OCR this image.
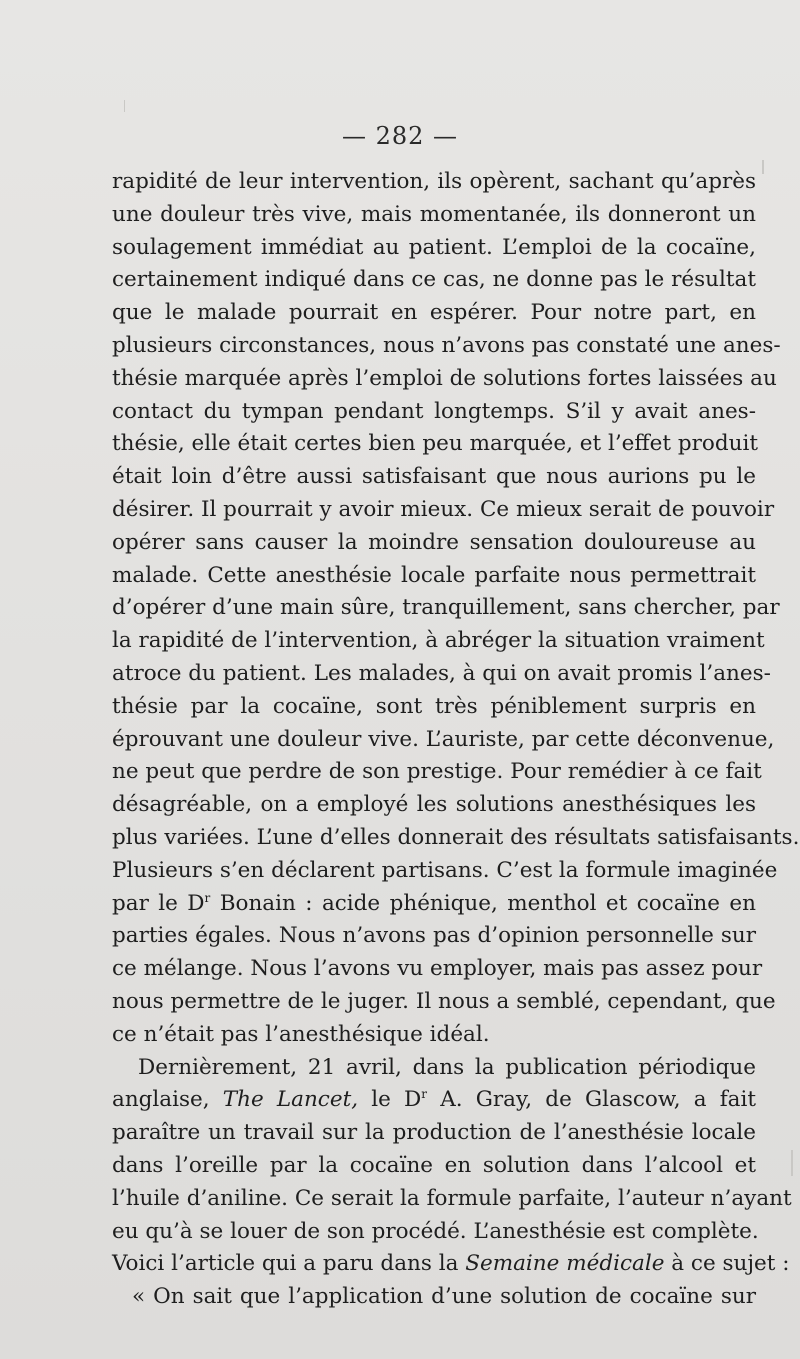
— 282 —
rapidité de leur intervention, ils opèrent, sachant qu’après
une douleur très vive, mais momentanée, ils donneront un
soulagement immédiat au patient. L’emploi de la cocaïne,
certainement indiqué dans ce cas, ne donne pas le résultat
que le malade pourrait en espérer. Pour notre part, en
plusieurs circonstances, nous n’avons pas constaté une anes-
thésie marquée après l’emploi de solutions fortes laissées au
contact du tympan pendant longtemps. S’il y avait anes-
thésie, elle était certes bien peu marquée, et l’effet produit
était loin d’être aussi satisfaisant que nous aurions pu le
désirer. Il pourrait y avoir mieux. Ce mieux serait de pouvoir
opérer sans causer la moindre sensation douloureuse au
malade. Cette anesthésie locale parfaite nous permettrait
d’opérer d’une main sûre, tranquillement, sans chercher, par
la rapidité de l’intervention, à abréger la situation vraiment
atroce du patient. Les malades, à qui on avait promis l’anes-
thésie par la cocaïne, sont très péniblement surpris en
éprouvant une douleur vive. L’auriste, par cette déconvenue,
ne peut que perdre de son prestige. Pour remédier à ce fait
désagréable, on a employé les solutions anesthésiques les
plus variées. L’une d’elles donnerait des résultats satisfaisants.
Plusieurs s’en déclarent partisans. C’est la formule imaginée
par le $D^r$ Bonain : acide phénique, menthol et cocaïne en
parties égales. Nous n’avons pas d’opinion personnelle sur
ce mélange. Nous l’avons vu employer, mais pas assez pour
nous permettre de le juger. Il nous a semblé, cependant, que
ce n’était pas l’anesthésique idéal.
Dernièrement, 21 avril, dans la publication périodique
anglaise, The Lancet, le $D^r$ A. Gray, de Glascow, a fait
paraître un travail sur la production de l’anesthésie locale
dans l’oreille par la cocaïne en solution dans l’alcool et
l’huile d’aniline. Ce serait la formule parfaite, l’auteur n’ayant
eu qu’à se louer de son procédé. L’anesthésie est complète.
Voici l’article qui a paru dans la Semaine médicale à ce sujet :
« On sait que l’application d’une solution de cocaïne sur
